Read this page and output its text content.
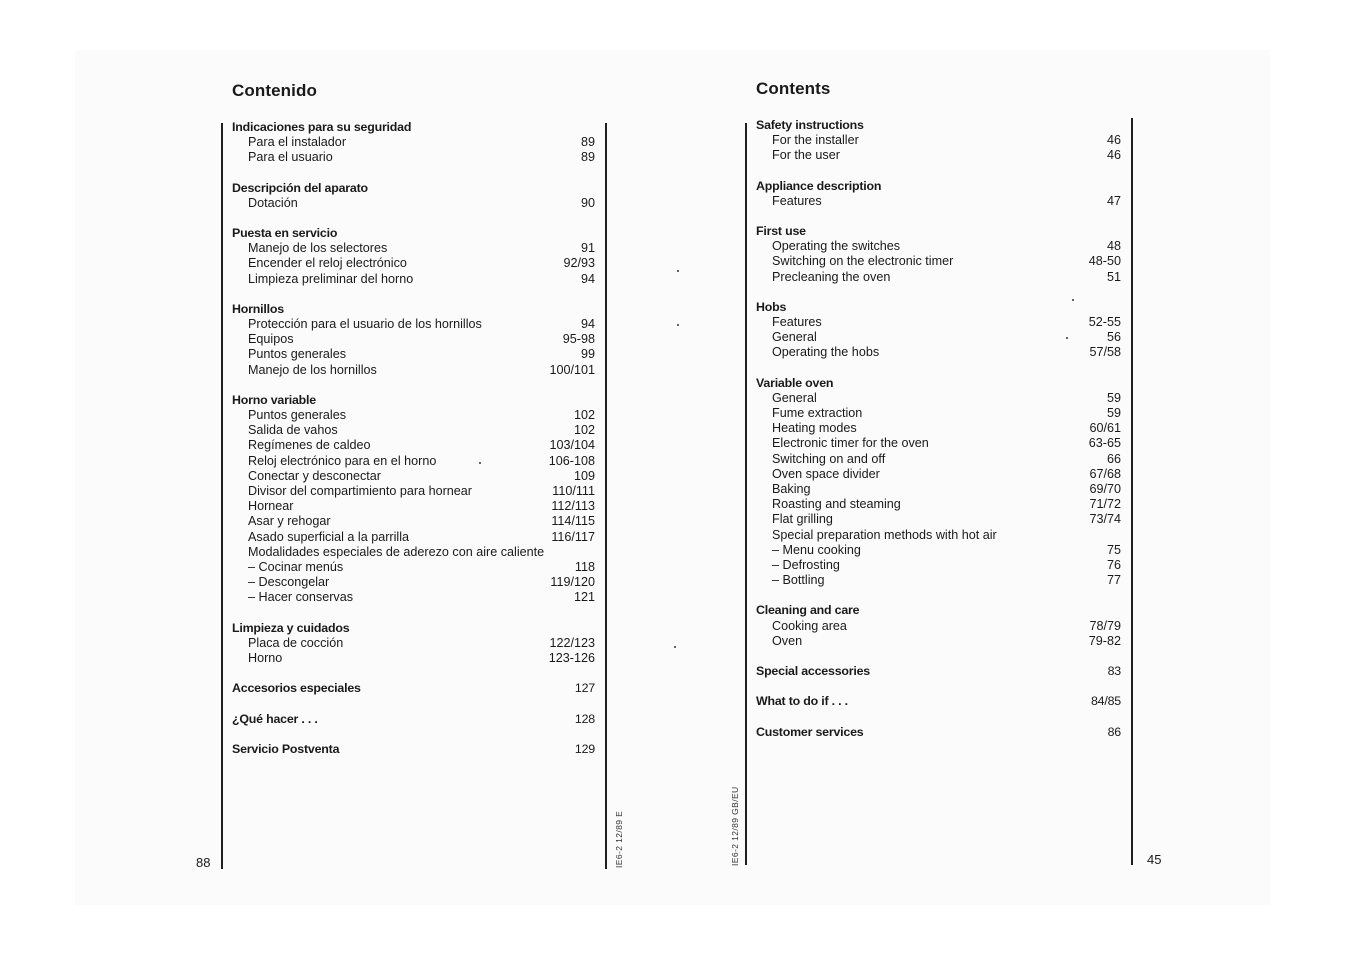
Contenido
Indicaciones para su seguridad
Para el instalador	89
Para el usuario	89
Descripción del aparato
Dotación	90
Puesta en servicio
Manejo de los selectores	91
Encender el reloj electrónico	92/93
Limpieza preliminar del horno	94
Hornillos
Protección para el usuario de los hornillos	94
Equipos	95-98
Puntos generales	99
Manejo de los hornillos	100/101
Horno variable
Puntos generales	102
Salida de vahos	102
Regímenes de caldeo	103/104
Reloj electrónico para en el horno	106-108
Conectar y desconectar	109
Divisor del compartimiento para hornear	110/111
Hornear	112/113
Asar y rehogar	114/115
Asado superficial a la parrilla	116/117
Modalidades especiales de aderezo con aire caliente
– Cocinar menús	118
– Descongelar	119/120
– Hacer conservas	121
Limpieza y cuidados
Placa de cocción	122/123
Horno	123-126
Accesorios especiales	127
¿Qué hacer . . .	128
Servicio Postventa	129
88	IE6-2 12/89 E
Contents
Safety instructions
For the installer	46
For the user	46
Appliance description
Features	47
First use
Operating the switches	48
Switching on the electronic timer	48-50
Precleaning the oven	51
Hobs
Features	52-55
General	56
Operating the hobs	57/58
Variable oven
General	59
Fume extraction	59
Heating modes	60/61
Electronic timer for the oven	63-65
Switching on and off	66
Oven space divider	67/68
Baking	69/70
Roasting and steaming	71/72
Flat grilling	73/74
Special preparation methods with hot air
– Menu cooking	75
– Defrosting	76
– Bottling	77
Cleaning and care
Cooking area	78/79
Oven	79-82
Special accessories	83
What to do if . . .	84/85
Customer services	86
45
IE6-2 12/89 GB/EU
